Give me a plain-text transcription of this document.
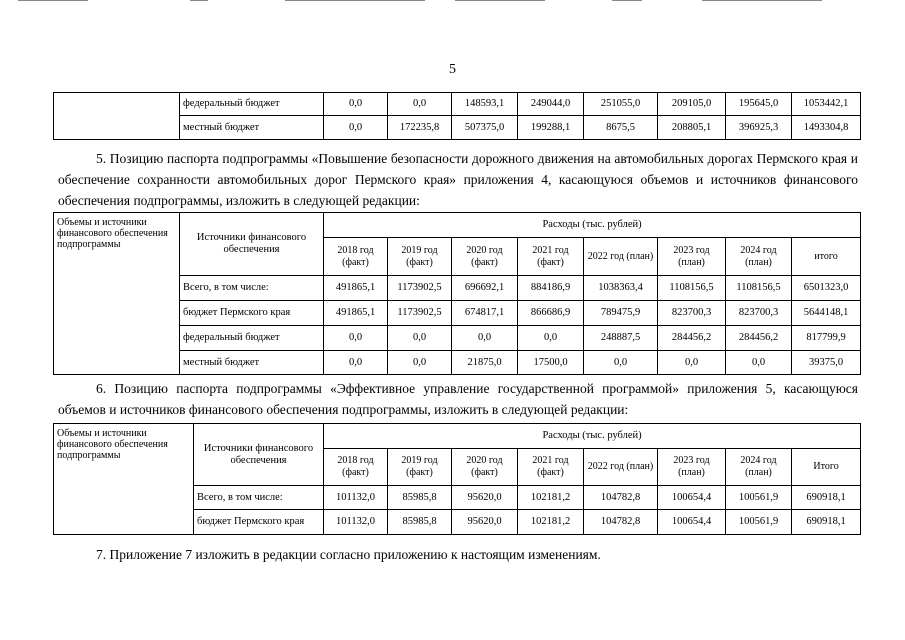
5
	федеральный бюджет	0,0	0,0	148593,1	249044,0	251055,0	209105,0	195645,0	1053442,1
	местный бюджет	0,0	172235,8	507375,0	199288,1	8675,5	208805,1	396925,3	1493304,8
5. Позицию паспорта подпрограммы «Повышение безопасности дорожного движения на автомобильных дорогах Пермского края и обеспечение сохранности автомобильных дорог Пермского края» приложения 4, касающуюся объемов и источников финансового обеспечения подпрограммы, изложить в следующей редакции:
Объемы и источники финансового обеспечения подпрограммы	Источники финансового обеспечения	Расходы (тыс. рублей)							
		2018 год (факт)	2019 год (факт)	2020 год (факт)	2021 год (факт)	2022 год (план)	2023 год (план)	2024 год (план)	итого
	Всего, в том числе:	491865,1	1173902,5	696692,1	884186,9	1038363,4	1108156,5	1108156,5	6501323,0
	бюджет Пермского края	491865,1	1173902,5	674817,1	866686,9	789475,9	823700,3	823700,3	5644148,1
	федеральный бюджет	0,0	0,0	0,0	0,0	248887,5	284456,2	284456,2	817799,9
	местный бюджет	0,0	0,0	21875,0	17500,0	0,0	0,0	0,0	39375,0
6. Позицию паспорта подпрограммы «Эффективное управление государственной программой» приложения 5, касающуюся объемов и источников финансового обеспечения подпрограммы, изложить в следующей редакции:
Объемы и источники финансового обеспечения подпрограммы	Источники финансового обеспечения	Расходы (тыс. рублей)							
		2018 год (факт)	2019 год (факт)	2020 год (факт)	2021 год (факт)	2022 год (план)	2023 год (план)	2024 год (план)	Итого
	Всего, в том числе:	101132,0	85985,8	95620,0	102181,2	104782,8	100654,4	100561,9	690918,1
	бюджет Пермского края	101132,0	85985,8	95620,0	102181,2	104782,8	100654,4	100561,9	690918,1
7. Приложение 7 изложить в редакции согласно приложению к настоящим изменениям.
